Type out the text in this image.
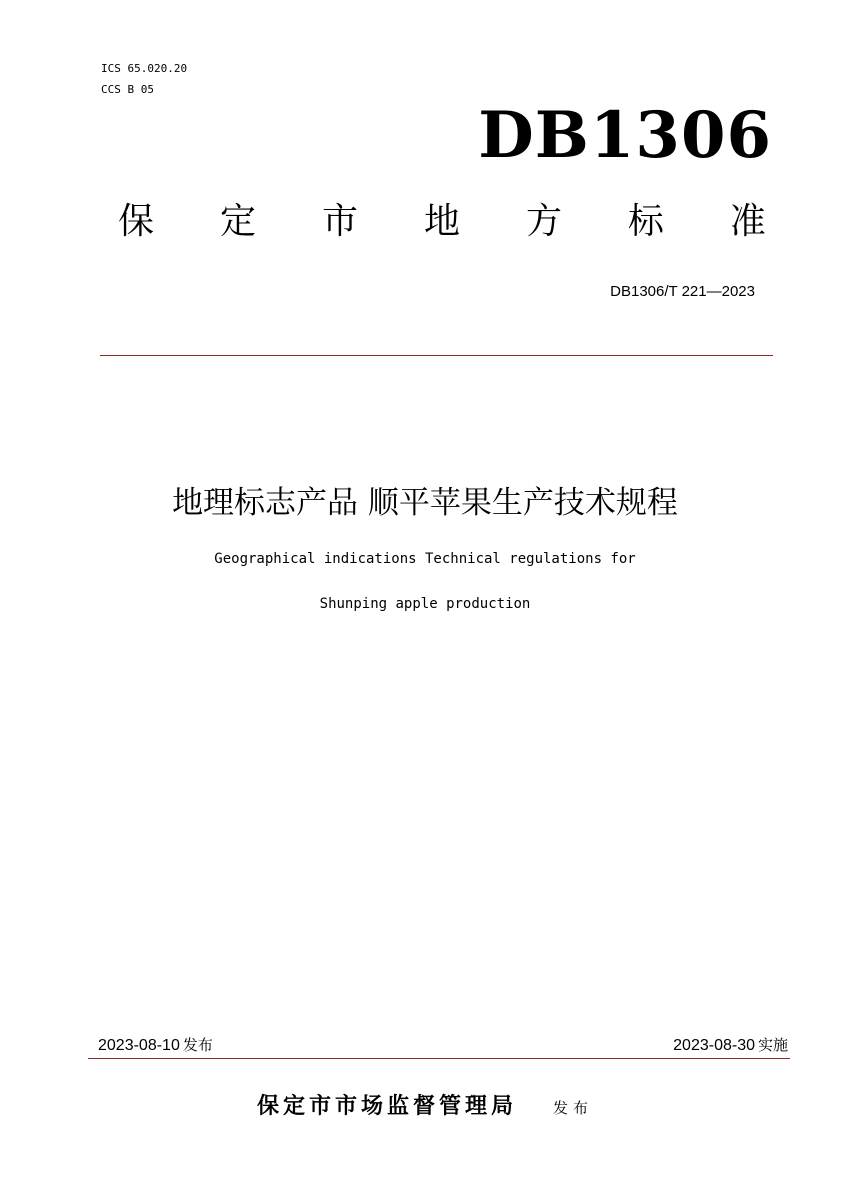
ICS 65.020.20
CCS B 05
DB1306
保 定 市 地 方 标 准
DB1306/T 221—2023
地理标志产品 顺平苹果生产技术规程
Geographical indications Technical regulations for
Shunping apple production
2023-08-10 发布	2023-08-30 实施
保定市市场监督管理局 发布
